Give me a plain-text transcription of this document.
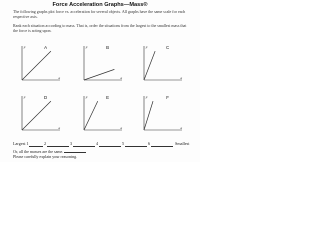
Force Acceleration Graphs—Mass®
The following graphs plot force vs. acceleration for several objects. All graphs have the same scale for each respective axis.
Rank each situation according to mass. That is, order the situations from the largest to the smallest mass that the force is acting upon.
F
a
A	F
a
B	F
a
C
F
a
D	F
a
E	F
a
F
Largest 1	2	3	4	5	6	Smallest
Or, all the masses are the same.
Please carefully explain your reasoning.
